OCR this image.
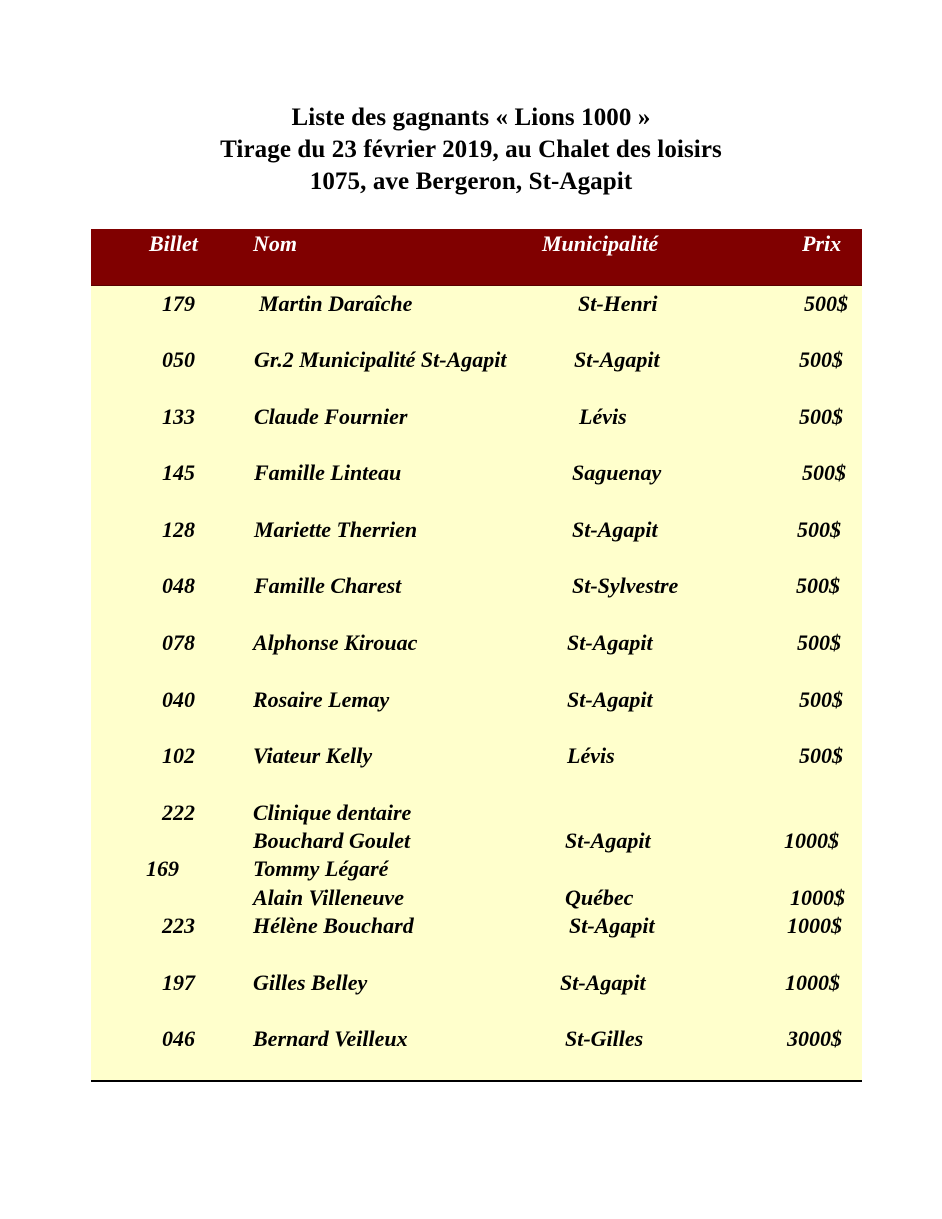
Liste des gagnants « Lions 1000 »
Tirage du 23 février 2019, au Chalet des loisirs
1075, ave Bergeron, St-Agapit
Billet	Nom	Municipalité	Prix
179	Martin Daraîche	St-Henri	500$
050	Gr.2 Municipalité St-Agapit	St-Agapit	500$
133	Claude Fournier	Lévis	500$
145	Famille Linteau	Saguenay	500$
128	Mariette Therrien	St-Agapit	500$
048	Famille Charest	St-Sylvestre	500$
078	Alphonse Kirouac	St-Agapit	500$
040	Rosaire Lemay	St-Agapit	500$
102	Viateur Kelly	Lévis	500$
222	Clinique dentaire
Bouchard Goulet	St-Agapit	1000$
169	Tommy Légaré
Alain Villeneuve	Québec	1000$
223	Hélène Bouchard	St-Agapit	1000$
197	Gilles Belley	St-Agapit	1000$
046	Bernard Veilleux	St-Gilles	3000$
